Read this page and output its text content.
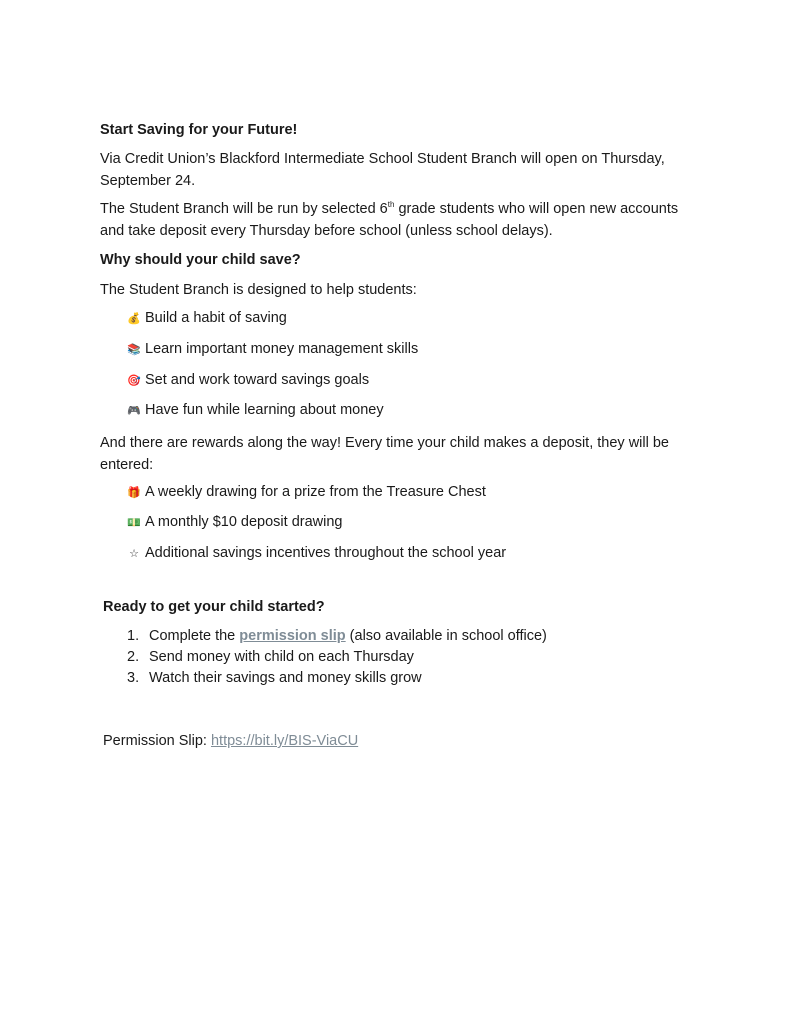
Start Saving for your Future!

Via Credit Union’s Blackford Intermediate School Student Branch will open on Thursday, September 24.

The Student Branch will be run by selected 6th grade students who will open new accounts and take deposit every Thursday before school (unless school delays).

Why should your child save?

The Student Branch is designed to help students:

💰 Build a habit of saving
📚 Learn important money management skills
🎯 Set and work toward savings goals
🎮 Have fun while learning about money

And there are rewards along the way! Every time your child makes a deposit, they will be entered:

🎁 A weekly drawing for a prize from the Treasure Chest
💵 A monthly $10 deposit drawing
☆ Additional savings incentives throughout the school year
Ready to get your child started?
1. Complete the permission slip (also available in school office)
2. Send money with child on each Thursday
3. Watch their savings and money skills grow
Permission Slip: https://bit.ly/BIS-ViaCU
